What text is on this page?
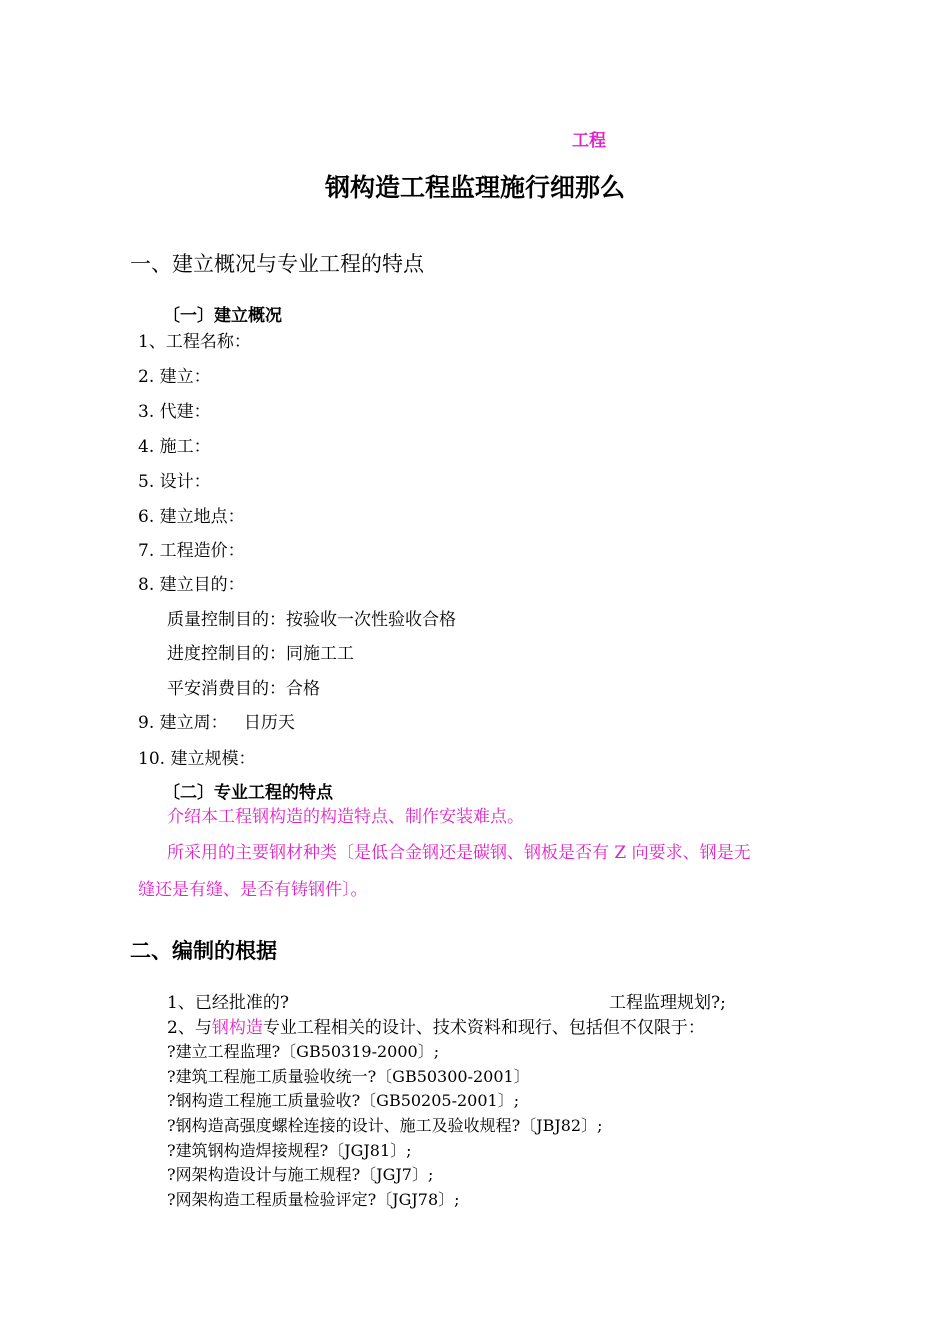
工程
钢构造工程监理施行细那么
一、建立概况与专业工程的特点
〔一〕建立概况
1、工程名称：
2. 建立：
3. 代建：
4. 施工：
5. 设计：
6. 建立地点：
7. 工程造价：
8. 建立目的：
质量控制目的：按验收一次性验收合格
进度控制目的：同施工工
平安消费目的：合格
9. 建立周：   日历天
10. 建立规模：
〔二〕专业工程的特点
介绍本工程钢构造的构造特点、制作安装难点。
所采用的主要钢材种类〔是低合金钢还是碳钢、钢板是否有 Z 向要求、钢是无
缝还是有缝、是否有铸钢件〕。
二、编制的根据
1、已经批准的?	工程监理规划?;
2、与钢构造专业工程相关的设计、技术资料和现行、包括但不仅限于：
?建立工程监理?〔GB50319-2000〕;
?建筑工程施工质量验收统一?〔GB50300-2001〕
?钢构造工程施工质量验收?〔GB50205-2001〕;
?钢构造高强度螺栓连接的设计、施工及验收规程?〔JBJ82〕;
?建筑钢构造焊接规程?〔JGJ81〕;
?网架构造设计与施工规程?〔JGJ7〕;
?网架构造工程质量检验评定?〔JGJ78〕;
